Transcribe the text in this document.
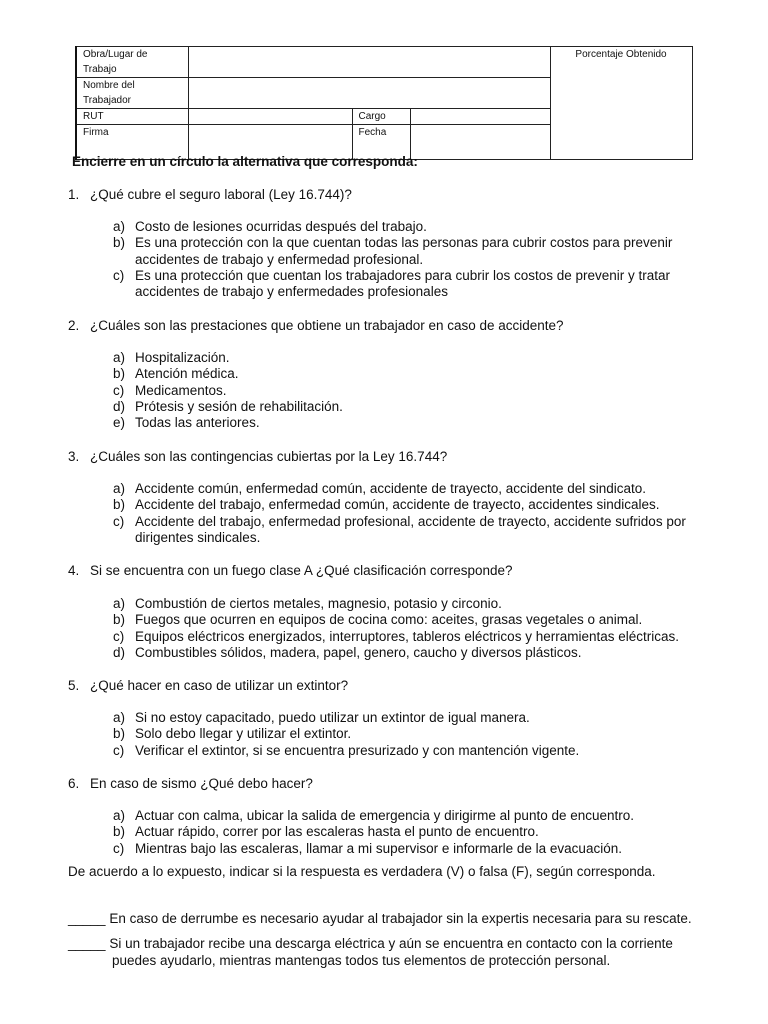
Obra/Lugar de Trabajo				Porcentaje Obtenido
Nombre del Trabajador				
RUT		Cargo		
Firma		Fecha		
Encierre en un círculo la alternativa que corresponda:
1. ¿Qué cubre el seguro laboral (Ley 16.744)?
a) Costo de lesiones ocurridas después del trabajo.
b) Es una protección con la que cuentan todas las personas para cubrir costos para prevenir accidentes de trabajo y enfermedad profesional.
c) Es una protección que cuentan los trabajadores para cubrir los costos de prevenir y tratar accidentes de trabajo y enfermedades profesionales
2. ¿Cuáles son las prestaciones que obtiene un trabajador en caso de accidente?
a) Hospitalización.
b) Atención médica.
c) Medicamentos.
d) Prótesis y sesión de rehabilitación.
e) Todas las anteriores.
3. ¿Cuáles son las contingencias cubiertas por la Ley 16.744?
a) Accidente común, enfermedad común, accidente de trayecto, accidente del sindicato.
b) Accidente del trabajo, enfermedad común, accidente de trayecto, accidentes sindicales.
c) Accidente del trabajo, enfermedad profesional, accidente de trayecto, accidente sufridos por dirigentes sindicales.
4. Si se encuentra con un fuego clase A ¿Qué clasificación corresponde?
a) Combustión de ciertos metales, magnesio, potasio y circonio.
b) Fuegos que ocurren en equipos de cocina como: aceites, grasas vegetales o animal.
c) Equipos eléctricos energizados, interruptores, tableros eléctricos y herramientas eléctricas.
d) Combustibles sólidos, madera, papel, genero, caucho y diversos plásticos.
5. ¿Qué hacer en caso de utilizar un extintor?
a) Si no estoy capacitado, puedo utilizar un extintor de igual manera.
b) Solo debo llegar y utilizar el extintor.
c) Verificar el extintor, si se encuentra presurizado y con mantención vigente.
6. En caso de sismo ¿Qué debo hacer?
a) Actuar con calma, ubicar la salida de emergencia y dirigirme al punto de encuentro.
b) Actuar rápido, correr por las escaleras hasta el punto de encuentro.
c) Mientras bajo las escaleras, llamar a mi supervisor e informarle de la evacuación.
De acuerdo a lo expuesto, indicar si la respuesta es verdadera (V) o falsa (F), según corresponda.
_____ En caso de derrumbe es necesario ayudar al trabajador sin la expertis necesaria para su rescate.
_____ Si un trabajador recibe una descarga eléctrica y aún se encuentra en contacto con la corriente
puedes ayudarlo, mientras mantengas todos tus elementos de protección personal.
